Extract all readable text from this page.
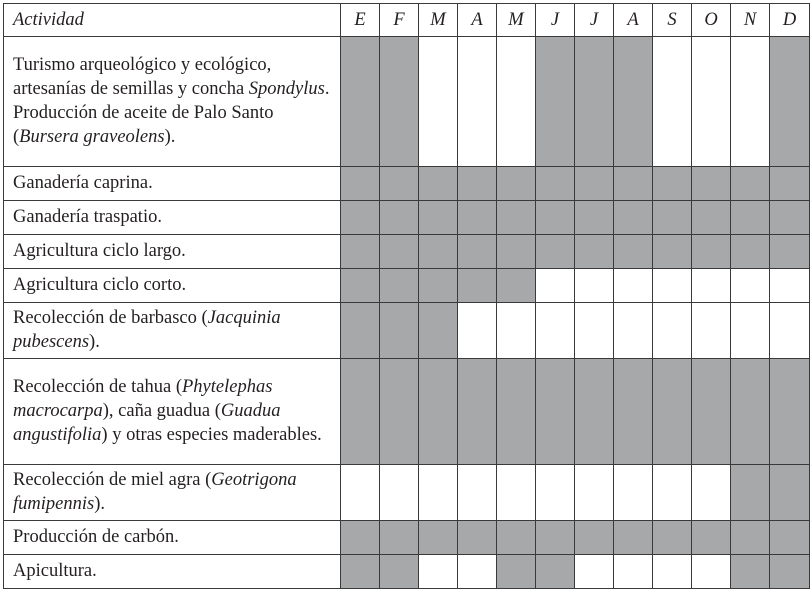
Actividad	E	F	M	A	M	J	J	A	S	O	N	D
Turismo arqueológico y ecológico, artesanías de semillas y concha Spondylus. Producción de aceite de Palo Santo (Bursera graveolens).												
Ganadería caprina.												
Ganadería traspatio.												
Agricultura ciclo largo.												
Agricultura ciclo corto.												
Recolección de barbasco (Jacquinia pubescens).												
Recolección de tahua (Phytelephas macrocarpa), caña guadua (Guadua angustifolia) y otras especies maderables.												
Recolección de miel agra (Geotrigona fumipennis).												
Producción de carbón.												
Apicultura.												
